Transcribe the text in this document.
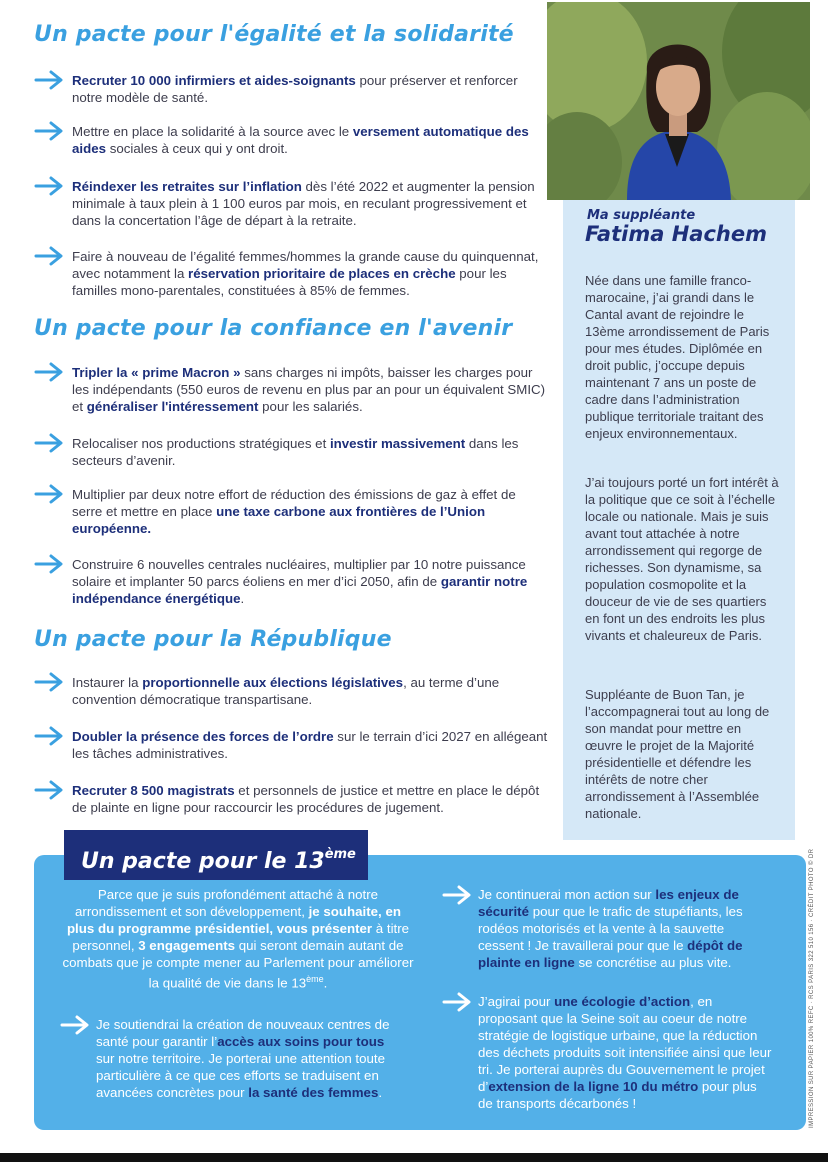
Un pacte pour l'égalité et la solidarité
Recruter 10 000 infirmiers et aides-soignants pour préserver et renforcer notre modèle de santé.
Mettre en place la solidarité à la source avec le versement automatique des aides sociales à ceux qui y ont droit.
Réindexer les retraites sur l’inflation dès l’été 2022 et augmenter la pension minimale à taux plein à 1 100 euros par mois, en reculant progressivement et dans la concertation l’âge de départ à la retraite.
Faire à nouveau de l’égalité femmes/hommes la grande cause du quinquennat, avec notamment la réservation prioritaire de places en crèche pour les familles mono-parentales, constituées à 85% de femmes.
Un pacte pour la confiance en l'avenir
Tripler la « prime Macron » sans charges ni impôts, baisser les charges pour les indépendants (550 euros de revenu en plus par an pour un équivalent SMIC) et généraliser l'intéressement pour les salariés.
Relocaliser nos productions stratégiques et investir massivement dans les secteurs d’avenir.
Multiplier par deux notre effort de réduction des émissions de gaz à effet de serre et mettre en place une taxe carbone aux frontières de l’Union européenne.
Construire 6 nouvelles centrales nucléaires, multiplier par 10 notre puissance solaire et implanter 50 parcs éoliens en mer d’ici 2050, afin de garantir notre indépendance énergétique.
Un pacte pour la République
Instaurer la proportionnelle aux élections législatives, au terme d’une convention démocratique transpartisane.
Doubler la présence des forces de l’ordre sur le terrain d’ici 2027 en allégeant les tâches administratives.
Recruter 8 500 magistrats et personnels de justice et mettre en place le dépôt de plainte en ligne pour raccourcir les procédures de jugement.
Ma suppléante
Fatima Hachem

Née dans une famille franco-marocaine, j’ai grandi dans le Cantal avant de rejoindre le 13ème arrondissement de Paris pour mes études. Diplômée en droit public, j’occupe depuis maintenant 7 ans un poste de cadre dans l’administration publique territoriale traitant des enjeux environnementaux.

J’ai toujours porté un fort intérêt à la politique que ce soit à l’échelle locale ou nationale. Mais je suis avant tout attachée à notre arrondissement qui regorge de richesses. Son dynamisme, sa population cosmopolite et la douceur de vie de ses quartiers en font un des endroits les plus vivants et chaleureux de Paris.

Suppléante de Buon Tan, je l’accompagnerai tout au long de son mandat pour mettre en œuvre le projet de la Majorité présidentielle et défendre les intérêts de notre cher arrondissement à l’Assemblée nationale.

Un pacte pour le 13ème
Parce que je suis profondément attaché à notre arrondissement et son développement, je souhaite, en plus du programme présidentiel, vous présenter à titre personnel, 3 engagements qui seront demain autant de combats que je compte mener au Parlement pour améliorer la qualité de vie dans le 13ème.
Je soutiendrai la création de nouveaux centres de santé pour garantir l’accès aux soins pour tous sur notre territoire. Je porterai une attention toute particulière à ce que ces efforts se traduisent en avancées concrètes pour la santé des femmes.
Je continuerai mon action sur les enjeux de sécurité pour que le trafic de stupéfiants, les rodéos motorisés et la vente à la sauvette cessent ! Je travaillerai pour que le dépôt de plainte en ligne se concrétise au plus vite.
J’agirai pour une écologie d’action, en proposant que la Seine soit au coeur de notre stratégie de logistique urbaine, que la réduction des déchets produits soit intensifiée ainsi que leur tri. Je porterai auprès du Gouvernement le projet d’extension de la ligne 10 du métro pour plus de transports décarbonés !	IMPRESSION SUR PAPIER 100% REFC · RCS PARIS 322 510 156 · CRÉDIT PHOTO © DR
